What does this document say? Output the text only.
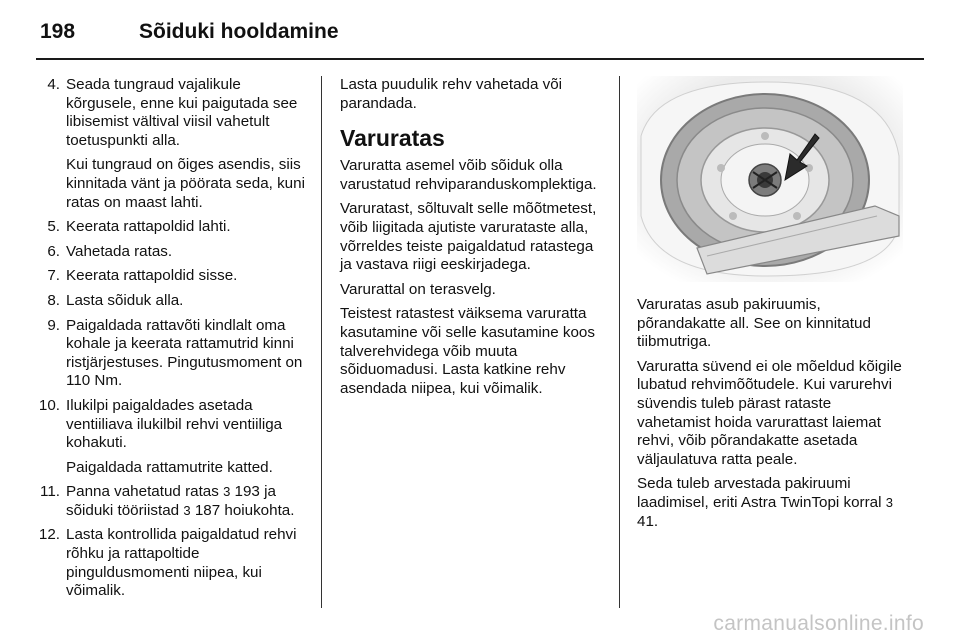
198	Sõiduki hooldamine
4. Seada tungraud vajalikule kõrgusele, enne kui paigutada see libisemist vältival viisil vahetult toetuspunkti alla.

Kui tungraud on õiges asendis, siis kinnitada vänt ja pöörata seda, kuni ratas on maast lahti.

5. Keerata rattapoldid lahti.

6. Vahetada ratas.

7. Keerata rattapoldid sisse.

8. Lasta sõiduk alla.

9. Paigaldada rattavõti kindlalt oma kohale ja keerata rattamutrid kinni ristjärjestuses. Pingutusmoment on 110 Nm.

10. Ilukilpi paigaldades asetada ventiiliava ilukilbil rehvi ventiiliga kohakuti.

Paigaldada rattamutrite katted.

11. Panna vahetatud ratas 3 193 ja sõiduki tööriistad 3 187 hoiukohta.

12. Lasta kontrollida paigaldatud rehvi rõhku ja rattapoltide pinguldusmomenti niipea, kui võimalik.

Lasta puudulik rehv vahetada või parandada.

Varuratas

Varuratta asemel võib sõiduk olla varustatud rehviparanduskomplektiga.

Varuratast, sõltuvalt selle mõõtmetest, võib liigitada ajutiste varurataste alla, võrreldes teiste paigaldatud ratastega ja vastava riigi eeskirjadega.

Varurattal on terasvelg.

Teistest ratastest väiksema varuratta kasutamine või selle kasutamine koos talverehvidega võib muuta sõiduomadusi. Lasta katkine rehv asendada niipea, kui võimalik.

Varuratas asub pakiruumis, põrandakatte all. See on kinnitatud tiibmutriga.

Varuratta süvend ei ole mõeldud kõigile lubatud rehvimõõtudele. Kui varurehvi süvendis tuleb pärast rataste vahetamist hoida varurattast laiemat rehvi, võib põrandakatte asetada väljaulatuva ratta peale.

Seda tuleb arvestada pakiruumi laadimisel, eriti Astra TwinTopi korral 3 41.

carmanualsonline.info
